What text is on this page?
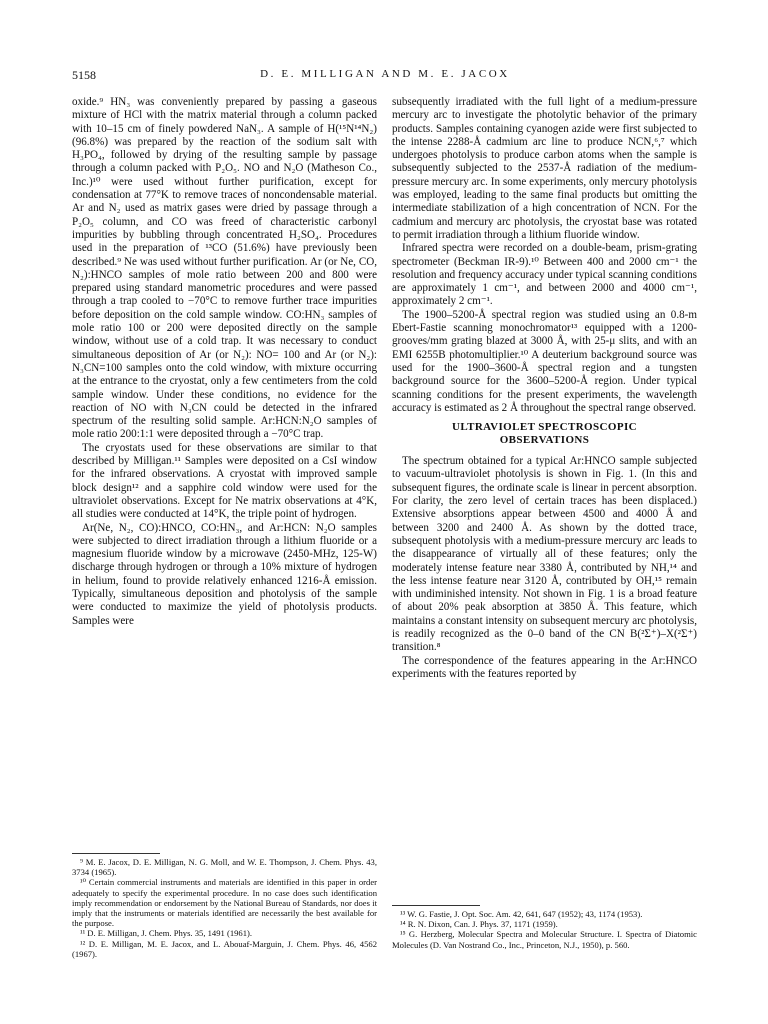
5158	D. E. MILLIGAN AND M. E. JACOX

oxide.⁹ HN₃ was conveniently prepared by passing a gaseous mixture of HCl with the matrix material through a column packed with 10–15 cm of finely powdered NaN₃. A sample of H(¹⁵N¹⁴N₂) (96.8%) was prepared by the reaction of the sodium salt with H₃PO₄, followed by drying of the resulting sample by passage through a column packed with P₂O₅. NO and N₂O (Matheson Co., Inc.)¹⁰ were used without further purification, except for condensation at 77°K to remove traces of noncondensable material. Ar and N₂ used as matrix gases were dried by passage through a P₂O₅ column, and CO was freed of characteristic carbonyl impurities by bubbling through concentrated H₂SO₄. Procedures used in the preparation of ¹³CO (51.6%) have previously been described.⁹ Ne was used without further purification. Ar (or Ne, CO, N₂):HNCO samples of mole ratio between 200 and 800 were prepared using standard manometric procedures and were passed through a trap cooled to −70°C to remove further trace impurities before deposition on the cold sample window. CO:HN₃ samples of mole ratio 100 or 200 were deposited directly on the sample window, without use of a cold trap. It was necessary to conduct simultaneous deposition of Ar (or N₂): NO= 100 and Ar (or N₂): N₃CN=100 samples onto the cold window, with mixture occurring at the entrance to the cryostat, only a few centimeters from the cold sample window. Under these conditions, no evidence for the reaction of NO with N₃CN could be detected in the infrared spectrum of the resulting solid sample. Ar:HCN:N₂O samples of mole ratio 200:1:1 were deposited through a −70°C trap.

The cryostats used for these observations are similar to that described by Milligan.¹¹ Samples were deposited on a CsI window for the infrared observations. A cryostat with improved sample block design¹² and a sapphire cold window were used for the ultraviolet observations. Except for Ne matrix observations at 4°K, all studies were conducted at 14°K, the triple point of hydrogen.

Ar(Ne, N₂, CO):HNCO, CO:HN₃, and Ar:HCN: N₂O samples were subjected to direct irradiation through a lithium fluoride or a magnesium fluoride window by a microwave (2450-MHz, 125-W) discharge through hydrogen or through a 10% mixture of hydrogen in helium, found to provide relatively enhanced 1216-Å emission. Typically, simultaneous deposition and photolysis of the sample were conducted to maximize the yield of photolysis products. Samples were

⁹ M. E. Jacox, D. E. Milligan, N. G. Moll, and W. E. Thompson, J. Chem. Phys. 43, 3734 (1965).

¹⁰ Certain commercial instruments and materials are identified in this paper in order adequately to specify the experimental procedure. In no case does such identification imply recommendation or endorsement by the National Bureau of Standards, nor does it imply that the instruments or materials identified are necessarily the best available for the purpose.

¹¹ D. E. Milligan, J. Chem. Phys. 35, 1491 (1961).

¹² D. E. Milligan, M. E. Jacox, and L. Abouaf-Marguin, J. Chem. Phys. 46, 4562 (1967).

subsequently irradiated with the full light of a medium-pressure mercury arc to investigate the photolytic behavior of the primary products. Samples containing cyanogen azide were first subjected to the intense 2288-Å cadmium arc line to produce NCN,⁶,⁷ which undergoes photolysis to produce carbon atoms when the sample is subsequently subjected to the 2537-Å radiation of the medium-pressure mercury arc. In some experiments, only mercury photolysis was employed, leading to the same final products but omitting the intermediate stabilization of a high concentration of NCN. For the cadmium and mercury arc photolysis, the cryostat base was rotated to permit irradiation through a lithium fluoride window.

Infrared spectra were recorded on a double-beam, prism-grating spectrometer (Beckman IR-9).¹⁰ Between 400 and 2000 cm⁻¹ the resolution and frequency accuracy under typical scanning conditions are approximately 1 cm⁻¹, and between 2000 and 4000 cm⁻¹, approximately 2 cm⁻¹.

The 1900–5200-Å spectral region was studied using an 0.8-m Ebert-Fastie scanning monochromator¹³ equipped with a 1200-grooves/mm grating blazed at 3000 Å, with 25-μ slits, and with an EMI 6255B photomultiplier.¹⁰ A deuterium background source was used for the 1900–3600-Å spectral region and a tungsten background source for the 3600–5200-Å region. Under typical scanning conditions for the present experiments, the wavelength accuracy is estimated as 2 Å throughout the spectral range observed.

ULTRAVIOLET SPECTROSCOPIC
OBSERVATIONS

The spectrum obtained for a typical Ar:HNCO sample subjected to vacuum-ultraviolet photolysis is shown in Fig. 1. (In this and subsequent figures, the ordinate scale is linear in percent absorption. For clarity, the zero level of certain traces has been displaced.) Extensive absorptions appear between 4500 and 4000 Å and between 3200 and 2400 Å. As shown by the dotted trace, subsequent photolysis with a medium-pressure mercury arc leads to the disappearance of virtually all of these features; only the moderately intense feature near 3380 Å, contributed by NH,¹⁴ and the less intense feature near 3120 Å, contributed by OH,¹⁵ remain with undiminished intensity. Not shown in Fig. 1 is a broad feature of about 20% peak absorption at 3850 Å. This feature, which maintains a constant intensity on subsequent mercury arc photolysis, is readily recognized as the 0–0 band of the CN B(²Σ⁺)–X(²Σ⁺) transition.⁸

The correspondence of the features appearing in the Ar:HNCO experiments with the features reported by

¹³ W. G. Fastie, J. Opt. Soc. Am. 42, 641, 647 (1952); 43, 1174 (1953).

¹⁴ R. N. Dixon, Can. J. Phys. 37, 1171 (1959).

¹⁵ G. Herzberg, Molecular Spectra and Molecular Structure. I. Spectra of Diatomic Molecules (D. Van Nostrand Co., Inc., Princeton, N.J., 1950), p. 560.
